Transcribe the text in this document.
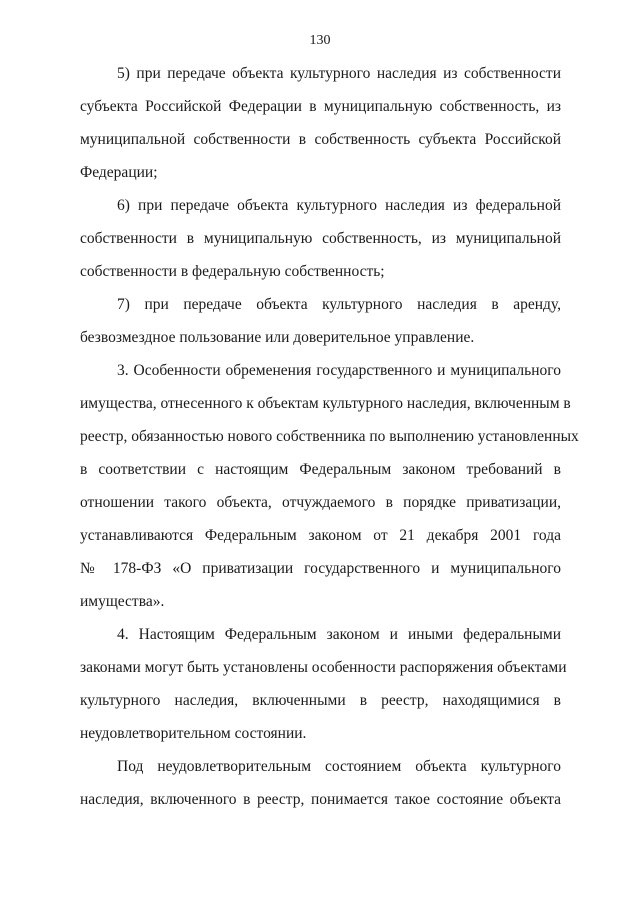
130
5) при передаче объекта культурного наследия из собственности
субъекта Российской Федерации в муниципальную собственность, из
муниципальной собственности в собственность субъекта Российской
Федерации;
6) при передаче объекта культурного наследия из федеральной
собственности в муниципальную собственность, из муниципальной
собственности в федеральную собственность;
7) при передаче объекта культурного наследия в аренду,
безвозмездное пользование или доверительное управление.
3. Особенности обременения государственного и муниципального
имущества, отнесенного к объектам культурного наследия, включенным в
реестр, обязанностью нового собственника по выполнению установленных
в соответствии с настоящим Федеральным законом требований в
отношении такого объекта, отчуждаемого в порядке приватизации,
устанавливаются Федеральным законом от 21 декабря 2001 года
№ 178-ФЗ «О приватизации государственного и муниципального
имущества».
4. Настоящим Федеральным законом и иными федеральными
законами могут быть установлены особенности распоряжения объектами
культурного наследия, включенными в реестр, находящимися в
неудовлетворительном состоянии.
Под неудовлетворительным состоянием объекта культурного
наследия, включенного в реестр, понимается такое состояние объекта
